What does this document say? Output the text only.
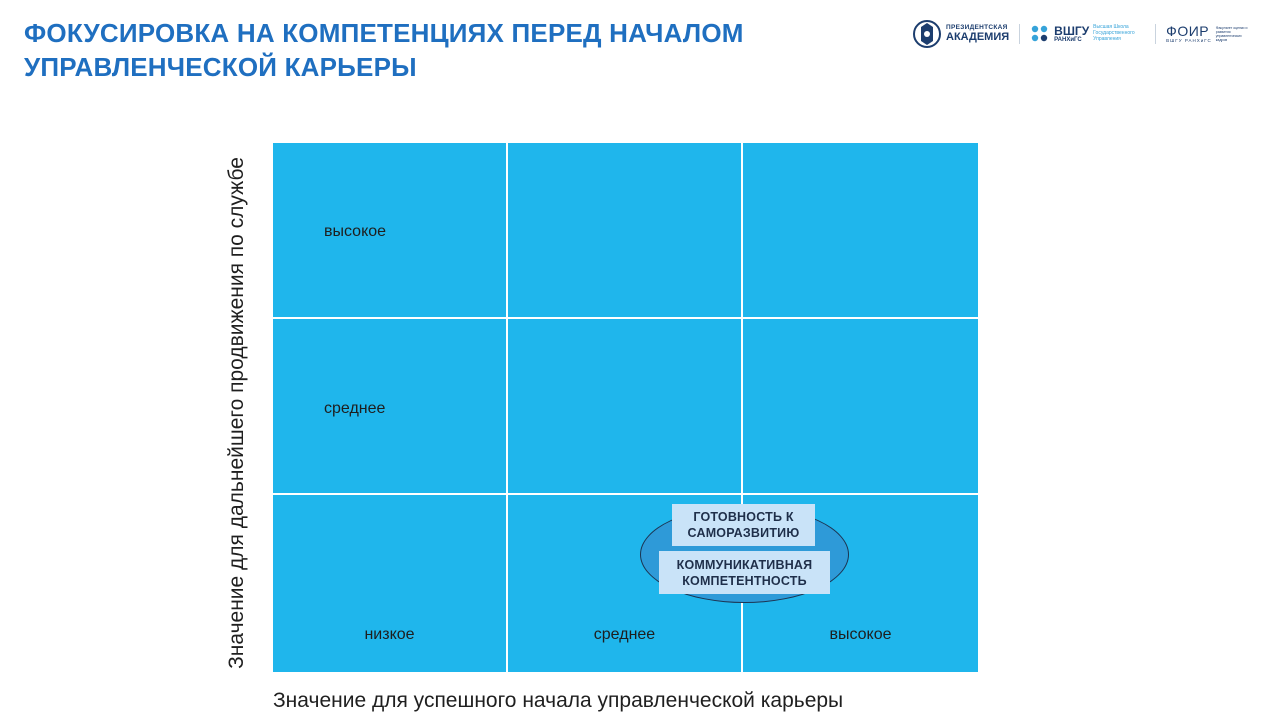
ФОКУСИРОВКА НА КОМПЕТЕНЦИЯХ ПЕРЕД НАЧАЛОМ УПРАВЛЕНЧЕСКОЙ КАРЬЕРЫ
ПРЕЗИДЕНТСКАЯ
АКАДЕМИЯ	ВШГУ
РАНХиГС
Высшая Школа Государственного Управления	ФОИР
ВШГУ РАНХиГС
Факультет оценки и развития управленческих кадров
Значение для дальнейшего продвижения по службе	высокое
среднее
низкое	среднее	высокое
ГОТОВНОСТЬ К
САМОРАЗВИТИЮ
КОММУНИКАТИВНАЯ
КОМПЕТЕНТНОСТЬ
Значение для успешного начала управленческой карьеры
